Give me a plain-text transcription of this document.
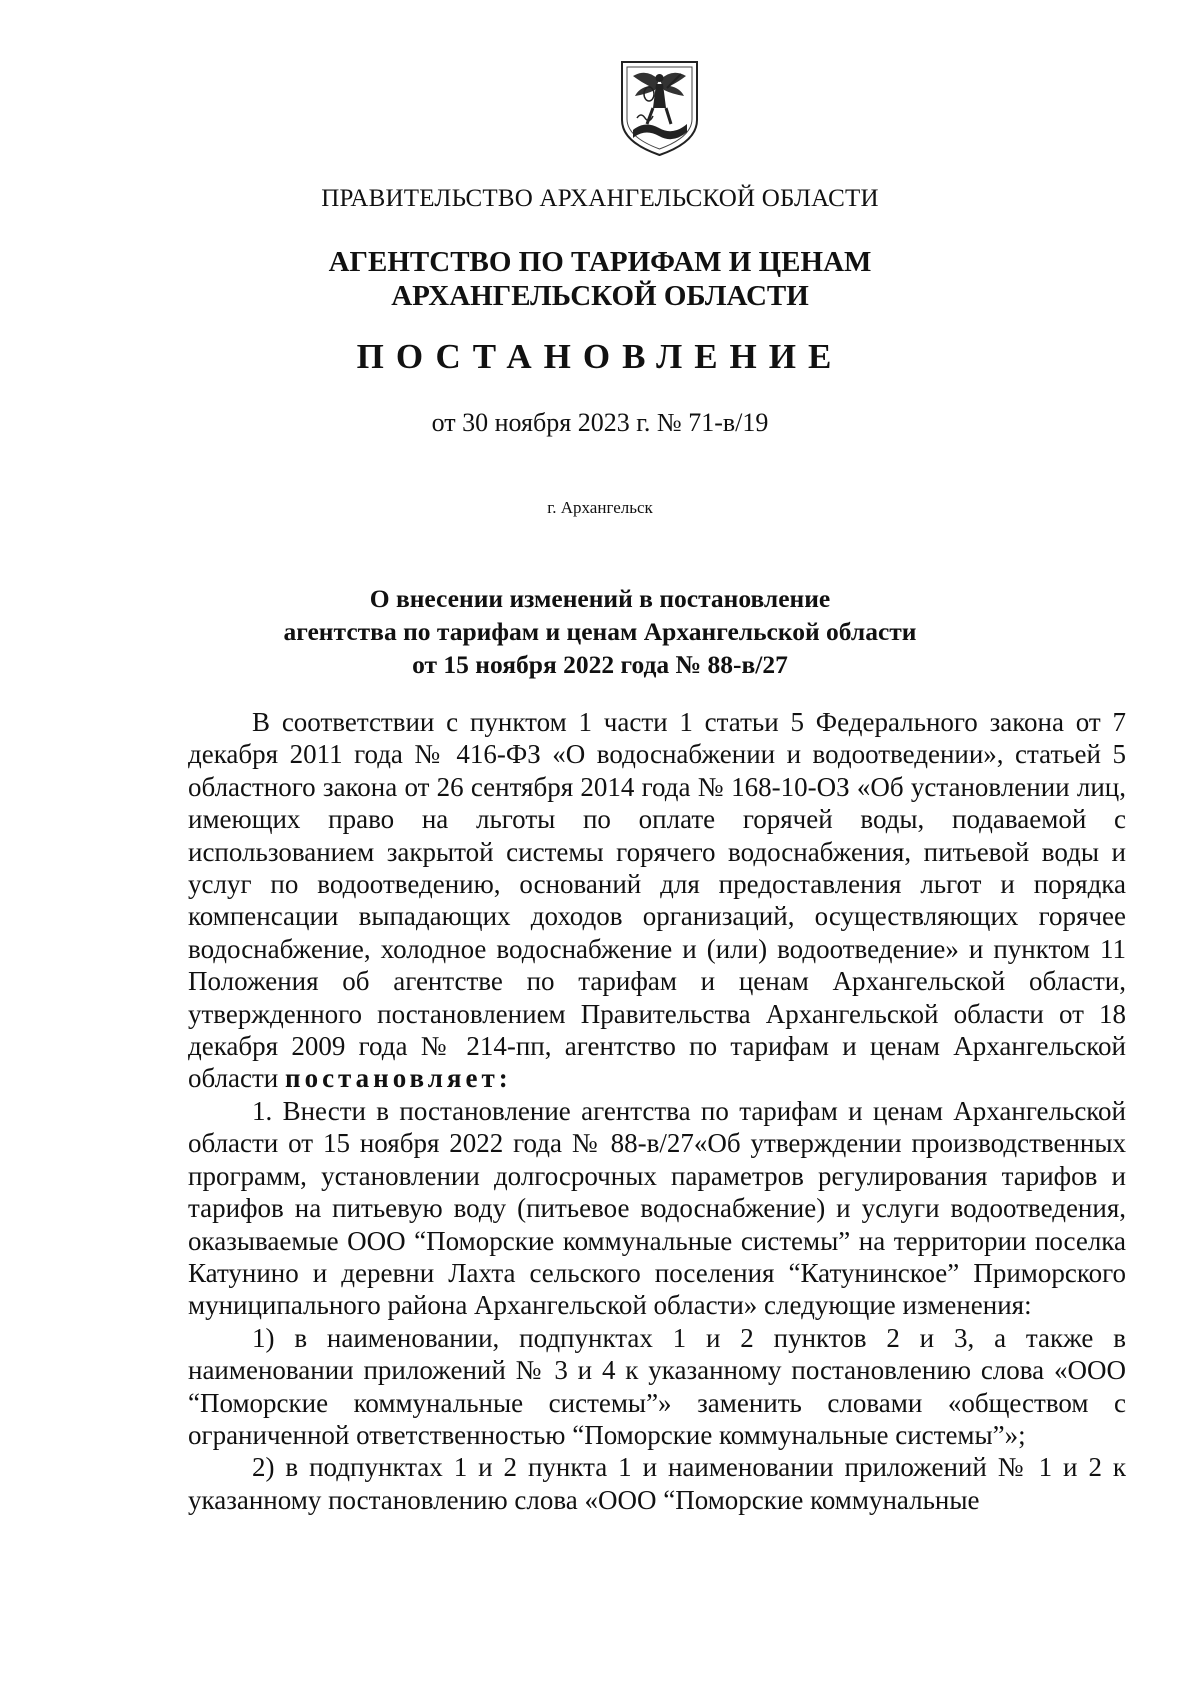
ПРАВИТЕЛЬСТВО АРХАНГЕЛЬСКОЙ ОБЛАСТИ
АГЕНТСТВО ПО ТАРИФАМ И ЦЕНАМ
АРХАНГЕЛЬСКОЙ ОБЛАСТИ
ПОСТАНОВЛЕНИЕ
от 30 ноября 2023 г. № 71-в/19
г. Архангельск
О внесении изменений в постановление
агентства по тарифам и ценам Архангельской области
от 15 ноября 2022 года № 88-в/27

В соответствии с пунктом 1 части 1 статьи 5 Федерального закона от 7 декабря 2011 года № 416-ФЗ «О водоснабжении и водоотведении», статьей 5 областного закона от 26 сентября 2014 года № 168-10-ОЗ «Об установлении лиц, имеющих право на льготы по оплате горячей воды, подаваемой с использованием закрытой системы горячего водоснабжения, питьевой воды и услуг по водоотведению, оснований для предоставления льгот и порядка компенсации выпадающих доходов организаций, осуществляющих горячее водоснабжение, холодное водоснабжение и (или) водоотведение» и пунктом 11 Положения об агентстве по тарифам и ценам Архангельской области, утвержденного постановлением Правительства Архангельской области от 18 декабря 2009 года № 214-пп, агентство по тарифам и ценам Архангельской области постановляет:

1. Внести в постановление агентства по тарифам и ценам Архангельской области от 15 ноября 2022 года № 88-в/27«Об утверждении производственных программ, установлении долгосрочных параметров регулирования тарифов и тарифов на питьевую воду (питьевое водоснабжение) и услуги водоотведения, оказываемые ООО “Поморские коммунальные системы” на территории поселка Катунино и деревни Лахта сельского поселения “Катунинское” Приморского муниципального района Архангельской области» следующие изменения:

1) в наименовании, подпунктах 1 и 2 пунктов 2 и 3, а также в наименовании приложений № 3 и 4 к указанному постановлению слова «ООО “Поморские коммунальные системы”» заменить словами «обществом с ограниченной ответственностью “Поморские коммунальные системы”»;

2) в подпунктах 1 и 2 пункта 1 и наименовании приложений № 1 и 2 к указанному постановлению слова «ООО “Поморские коммунальные
